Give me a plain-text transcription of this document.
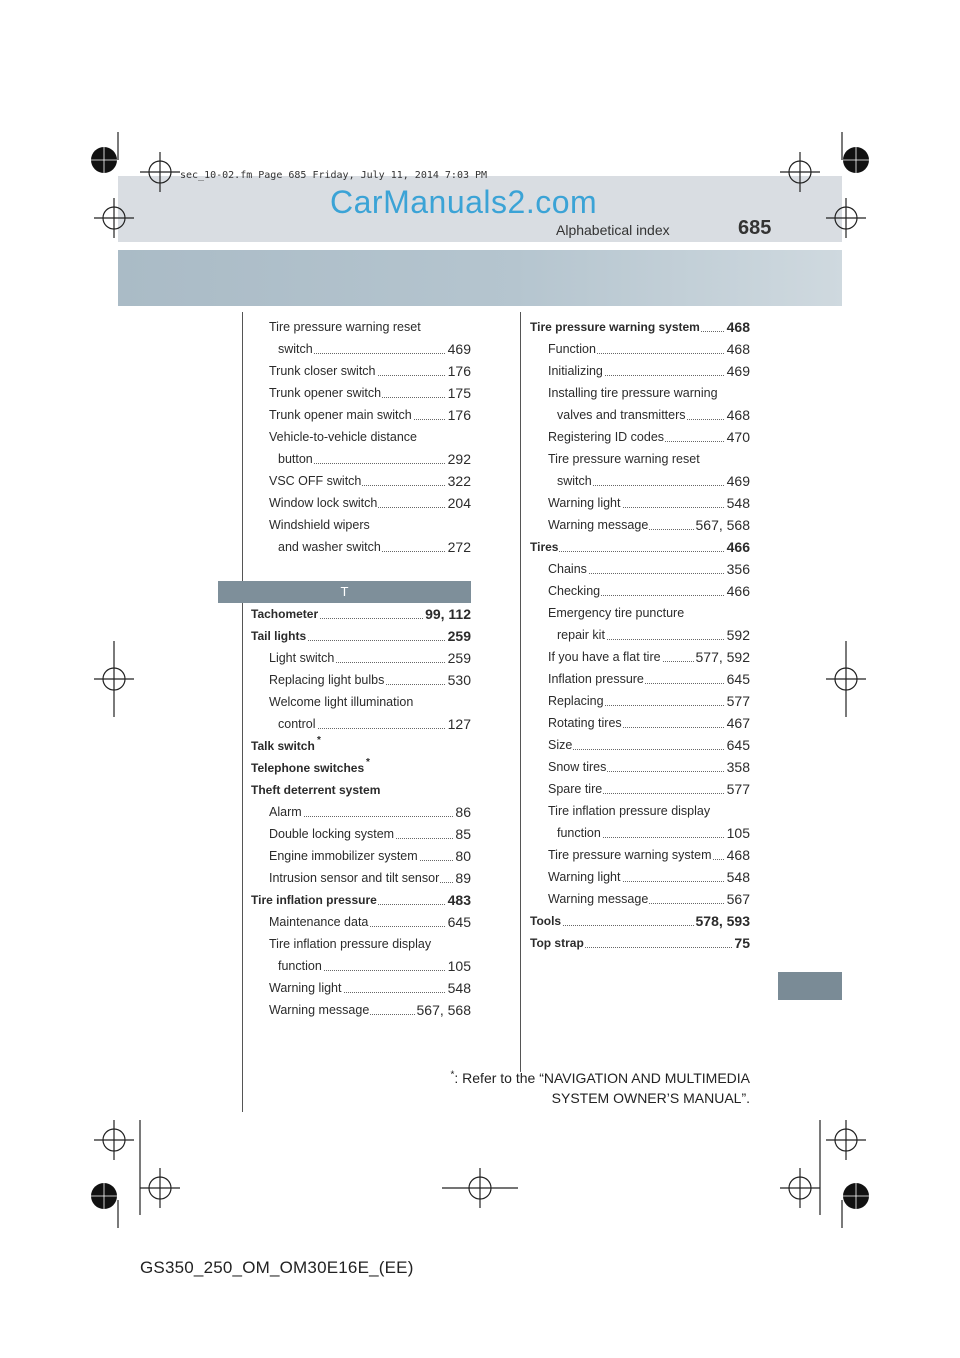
sec_10-02.fm Page 685 Friday, July 11, 2014 7:03 PM
CarManuals2.com
Alphabetical index	685
Tire pressure warning reset
switch	469
Trunk closer switch	176
Trunk opener switch	175
Trunk opener main switch	176
Vehicle-to-vehicle distance
button	292
VSC OFF switch	322
Window lock switch	204
Windshield wipers
and washer switch	272
T
Tachometer	99, 112
Tail lights	259
Light switch	259
Replacing light bulbs	530
Welcome light illumination
control	127
Talk switch *
Telephone switches *
Theft deterrent system
Alarm	86
Double locking system	85
Engine immobilizer system	80
Intrusion sensor and tilt sensor 89
Tire inflation pressure	483
Maintenance data	645
Tire inflation pressure display
function	105
Warning light	548
Warning message	567, 568
Tire pressure warning system 468
Function	468
Initializing	469
Installing tire pressure warning
valves and transmitters	468
Registering ID codes	470
Tire pressure warning reset
switch	469
Warning light	548
Warning message	567, 568
Tires	466
Chains	356
Checking	466
Emergency tire puncture
repair kit	592
If you have a flat tire 577, 592
Inflation pressure	645
Replacing	577
Rotating tires	467
Size	645
Snow tires	358
Spare tire	577
Tire inflation pressure display
function	105
Tire pressure warning system 468
Warning light	548
Warning message	567
Tools	578, 593
Top strap	75
*: Refer to the “NAVIGATION AND MULTIMEDIA
SYSTEM OWNER’S MANUAL”.
GS350_250_OM_OM30E16E_(EE)
